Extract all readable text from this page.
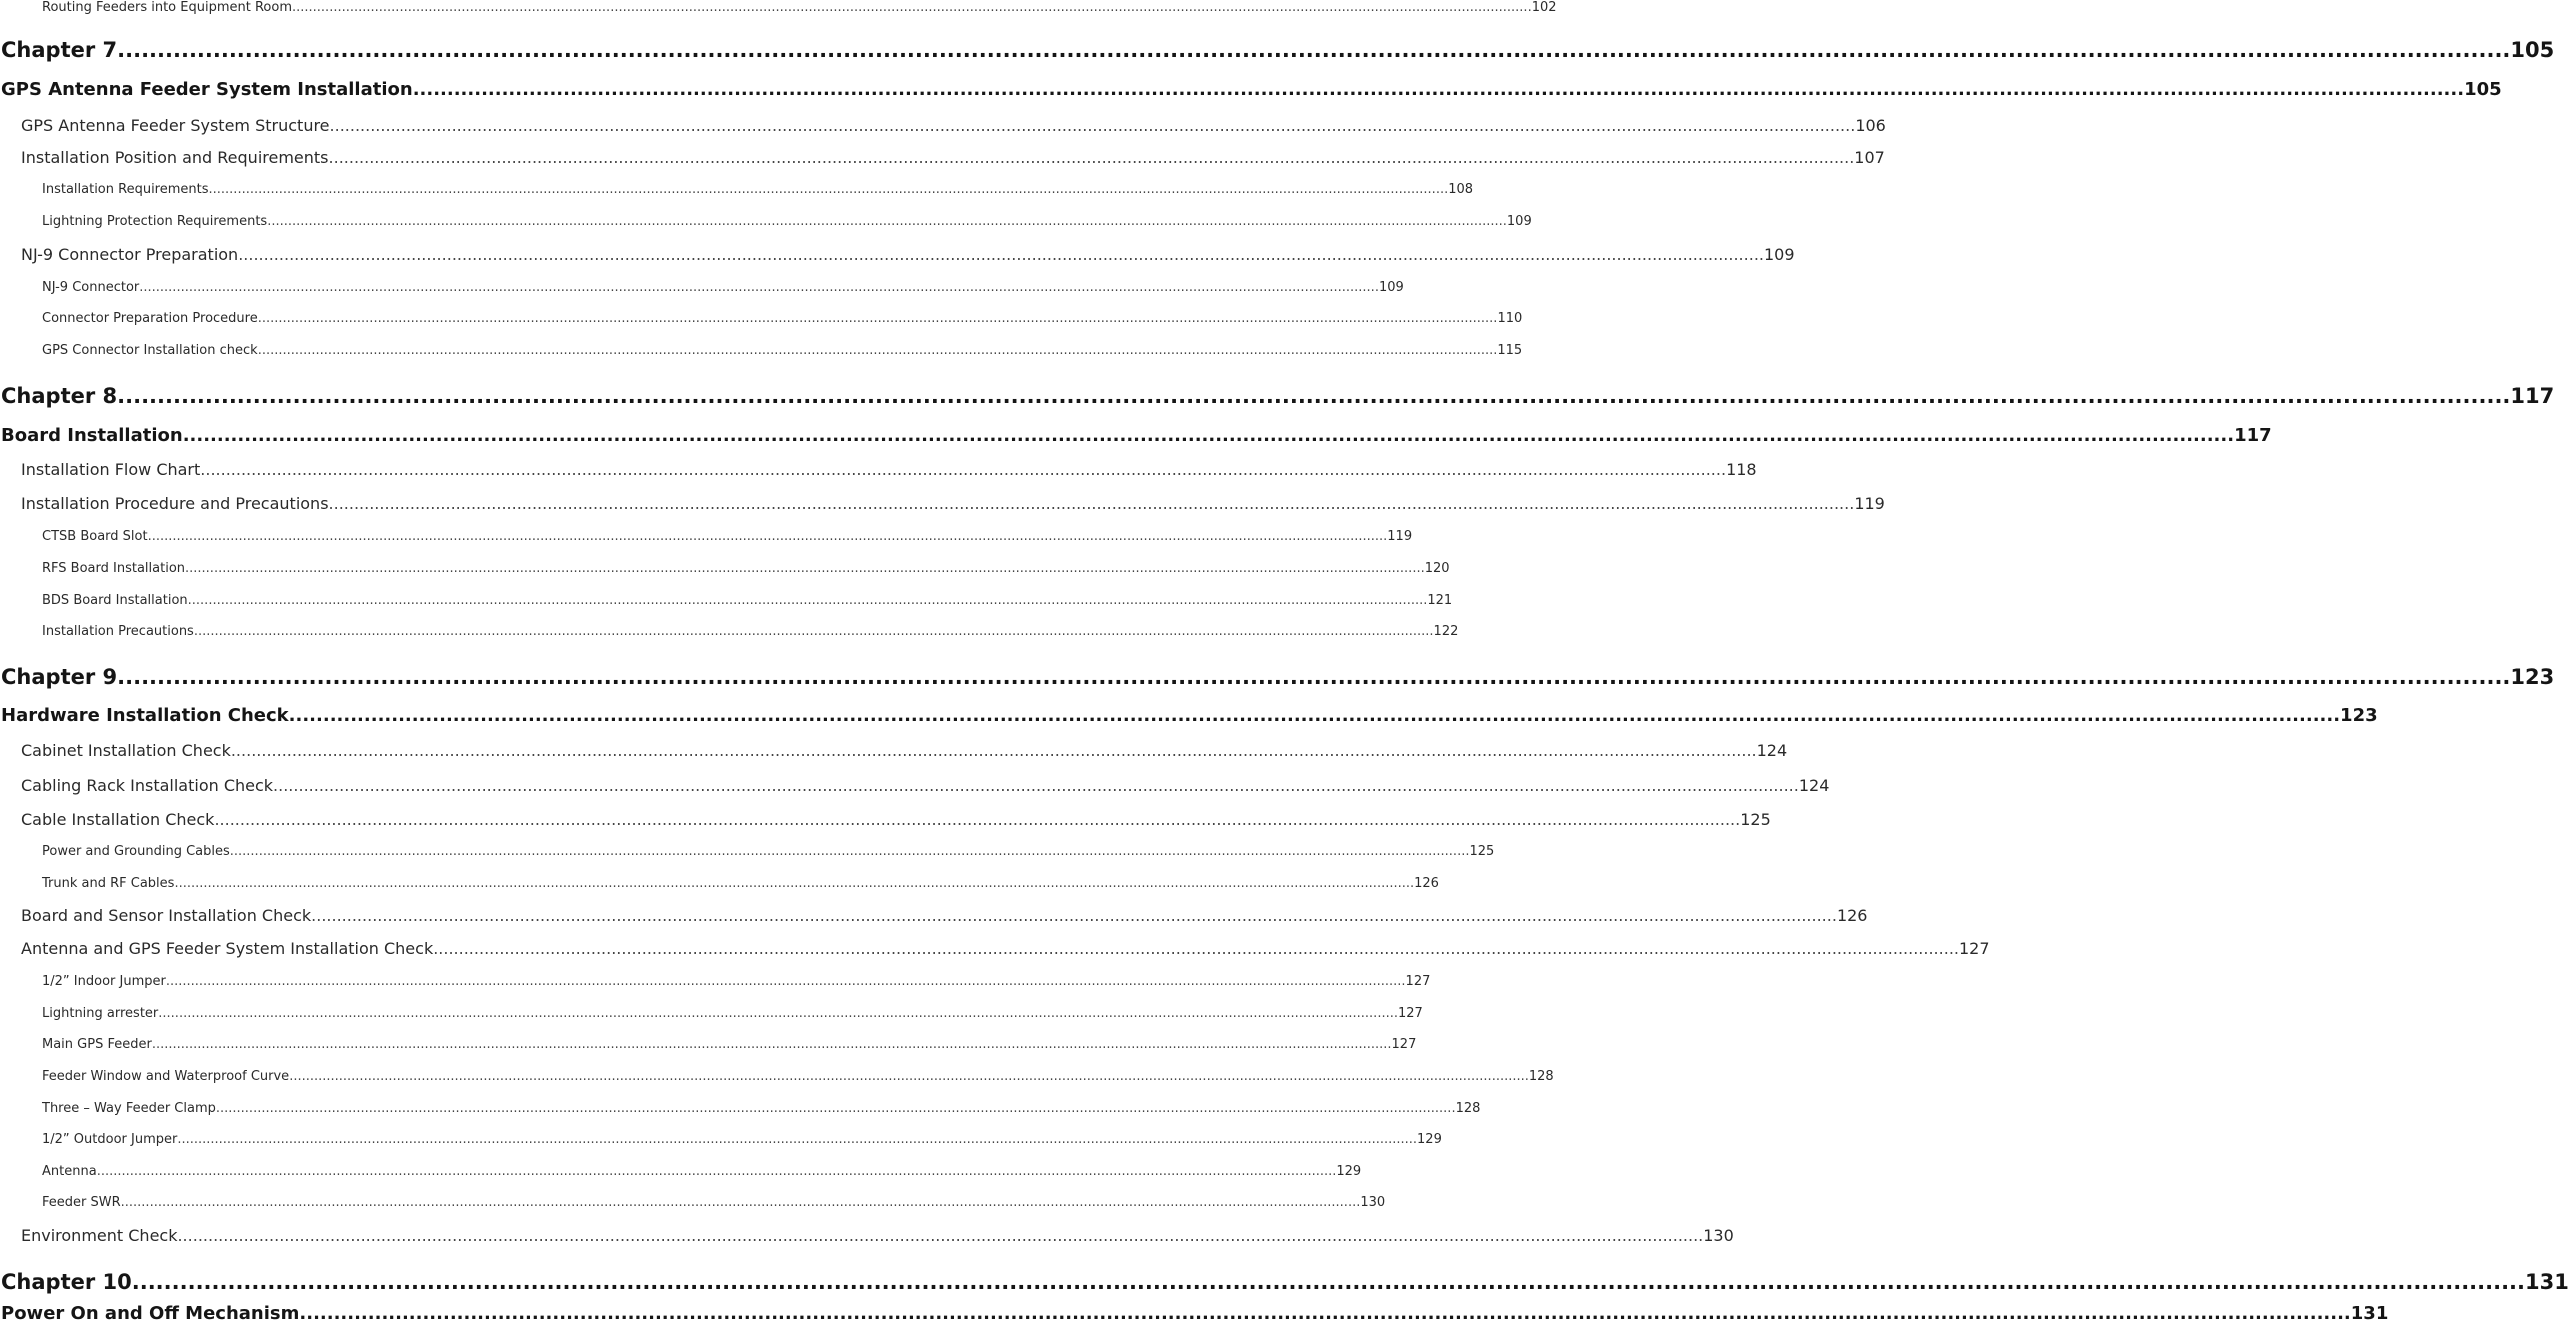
Routing Feeders into Equipment Room ............................................................................................................................................................................................................................................................................................................ 102
Chapter 7 ............................................................................................................................................................................................................................................................................................................ 105
GPS Antenna Feeder System Installation ............................................................................................................................................................................................................................................................................................................ 105
GPS Antenna Feeder System Structure ............................................................................................................................................................................................................................................................................................................ 106
Installation Position and Requirements ............................................................................................................................................................................................................................................................................................................ 107
Installation Requirements ............................................................................................................................................................................................................................................................................................................ 108
Lightning Protection Requirements ............................................................................................................................................................................................................................................................................................................ 109
NJ-9 Connector Preparation ............................................................................................................................................................................................................................................................................................................ 109
NJ-9 Connector ............................................................................................................................................................................................................................................................................................................ 109
Connector Preparation Procedure ............................................................................................................................................................................................................................................................................................................ 110
GPS Connector Installation check ............................................................................................................................................................................................................................................................................................................ 115
Chapter 8 ............................................................................................................................................................................................................................................................................................................ 117
Board Installation ............................................................................................................................................................................................................................................................................................................ 117
Installation Flow Chart ............................................................................................................................................................................................................................................................................................................ 118
Installation Procedure and Precautions ............................................................................................................................................................................................................................................................................................................ 119
CTSB Board Slot ............................................................................................................................................................................................................................................................................................................ 119
RFS Board Installation ............................................................................................................................................................................................................................................................................................................ 120
BDS Board Installation ............................................................................................................................................................................................................................................................................................................ 121
Installation Precautions ............................................................................................................................................................................................................................................................................................................ 122
Chapter 9 ............................................................................................................................................................................................................................................................................................................ 123
Hardware Installation Check ............................................................................................................................................................................................................................................................................................................ 123
Cabinet Installation Check ............................................................................................................................................................................................................................................................................................................ 124
Cabling Rack Installation Check ............................................................................................................................................................................................................................................................................................................ 124
Cable Installation Check ............................................................................................................................................................................................................................................................................................................ 125
Power and Grounding Cables ............................................................................................................................................................................................................................................................................................................ 125
Trunk and RF Cables ............................................................................................................................................................................................................................................................................................................ 126
Board and Sensor Installation Check ............................................................................................................................................................................................................................................................................................................ 126
Antenna and GPS Feeder System Installation Check ............................................................................................................................................................................................................................................................................................................ 127
1/2” Indoor Jumper ............................................................................................................................................................................................................................................................................................................ 127
Lightning arrester ............................................................................................................................................................................................................................................................................................................ 127
Main GPS Feeder ............................................................................................................................................................................................................................................................................................................ 127
Feeder Window and Waterproof Curve ............................................................................................................................................................................................................................................................................................................ 128
Three – Way Feeder Clamp ............................................................................................................................................................................................................................................................................................................ 128
1/2” Outdoor Jumper ............................................................................................................................................................................................................................................................................................................ 129
Antenna ............................................................................................................................................................................................................................................................................................................ 129
Feeder SWR ............................................................................................................................................................................................................................................................................................................ 130
Environment Check ............................................................................................................................................................................................................................................................................................................ 130
Chapter 10 ............................................................................................................................................................................................................................................................................................................ 131
Power On and Off Mechanism ............................................................................................................................................................................................................................................................................................................ 131
